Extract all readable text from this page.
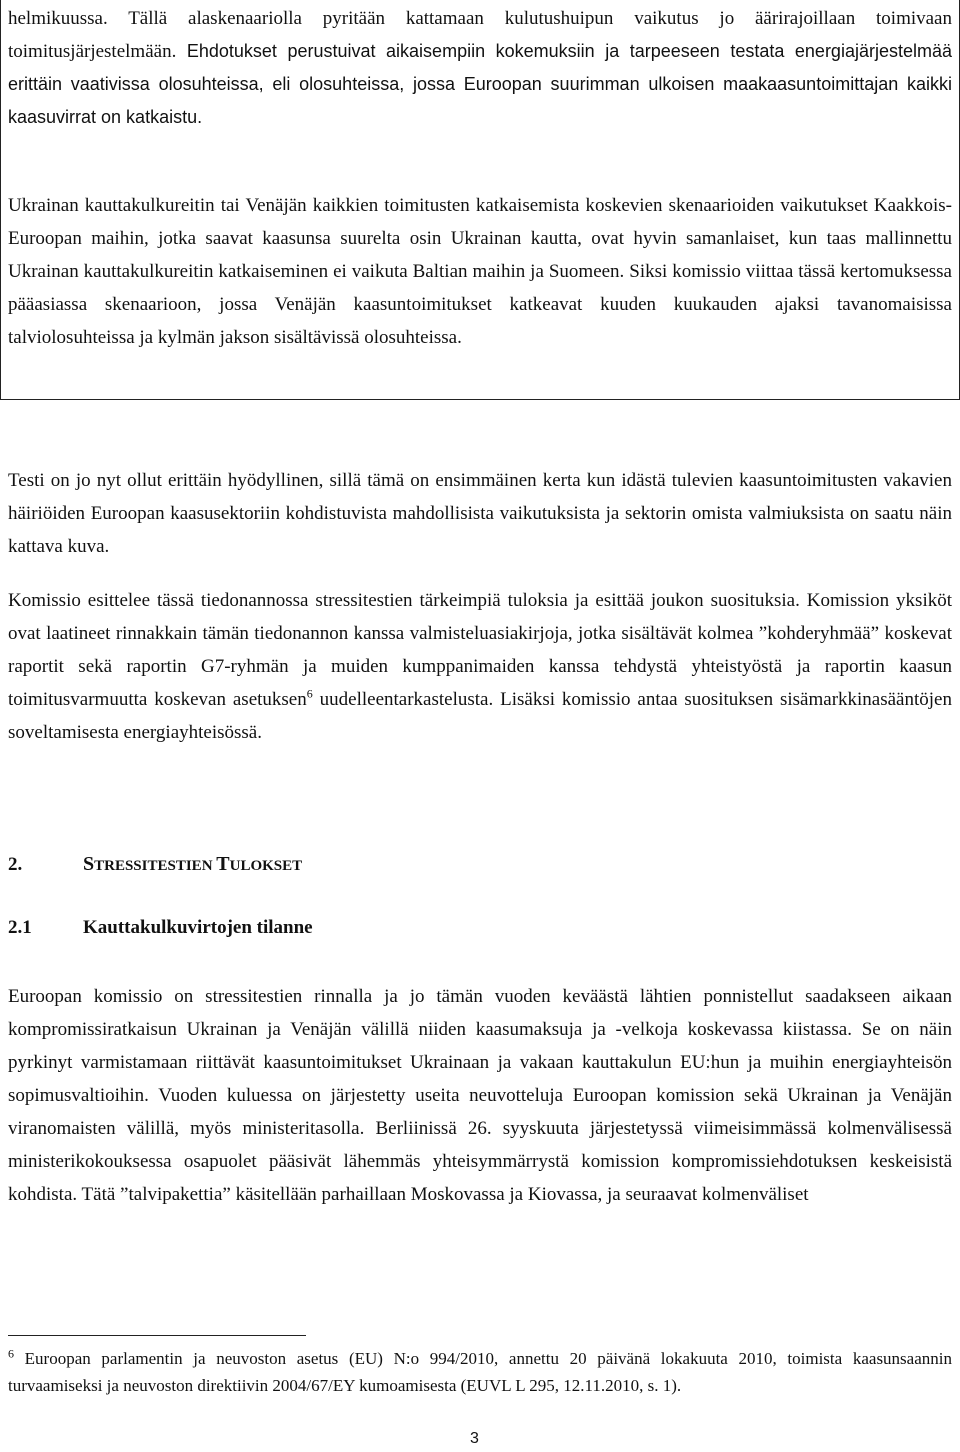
helmikuussa. Tällä alaskenaariolla pyritään kattamaan kulutushuipun vaikutus jo äärirajoillaan toimivaan toimitusjärjestelmään. Ehdotukset perustuivat aikaisempiin kokemuksiin ja tarpeeseen testata energiajärjestelmää erittäin vaativissa olosuhteissa, eli olosuhteissa, jossa Euroopan suurimman ulkoisen maakaasuntoimittajan kaikki kaasuvirrat on katkaistu.

Ukrainan kauttakulkureitin tai Venäjän kaikkien toimitusten katkaisemista koskevien skenaarioiden vaikutukset Kaakkois-Euroopan maihin, jotka saavat kaasunsa suurelta osin Ukrainan kautta, ovat hyvin samanlaiset, kun taas mallinnettu Ukrainan kauttakulkureitin katkaiseminen ei vaikuta Baltian maihin ja Suomeen. Siksi komissio viittaa tässä kertomuksessa pääasiassa skenaarioon, jossa Venäjän kaasuntoimitukset katkeavat kuuden kuukauden ajaksi tavanomaisissa talviolosuhteissa ja kylmän jakson sisältävissä olosuhteissa.

Testi on jo nyt ollut erittäin hyödyllinen, sillä tämä on ensimmäinen kerta kun idästä tulevien kaasuntoimitusten vakavien häiriöiden Euroopan kaasusektoriin kohdistuvista mahdollisista vaikutuksista ja sektorin omista valmiuksista on saatu näin kattava kuva.

Komissio esittelee tässä tiedonannossa stressitestien tärkeimpiä tuloksia ja esittää joukon suosituksia. Komission yksiköt ovat laatineet rinnakkain tämän tiedonannon kanssa valmisteluasiakirjoja, jotka sisältävät kolmea ”kohderyhmää” koskevat raportit sekä raportin G7-ryhmän ja muiden kumppanimaiden kanssa tehdystä yhteistyöstä ja raportin kaasun toimitusvarmuutta koskevan asetuksen$^6$ uudelleentarkastelusta. Lisäksi komissio antaa suosituksen sisämarkkinasääntöjen soveltamisesta energiayhteisössä.

2.	STRESSITESTIEN TULOKSET
2.1	Kauttakulkuvirtojen tilanne

Euroopan komissio on stressitestien rinnalla ja jo tämän vuoden keväästä lähtien ponnistellut saadakseen aikaan kompromissiratkaisun Ukrainan ja Venäjän välillä niiden kaasumaksuja ja -velkoja koskevassa kiistassa. Se on näin pyrkinyt varmistamaan riittävät kaasuntoimitukset Ukrainaan ja vakaan kauttakulun EU:hun ja muihin energiayhteisön sopimusvaltioihin. Vuoden kuluessa on järjestetty useita neuvotteluja Euroopan komission sekä Ukrainan ja Venäjän viranomaisten välillä, myös ministeritasolla. Berliinissä 26. syyskuuta järjestetyssä viimeisimmässä kolmenvälisessä ministerikokouksessa osapuolet pääsivät lähemmäs yhteisymmärrystä komission kompromissiehdotuksen keskeisistä kohdista. Tätä ”talvipakettia” käsitellään parhaillaan Moskovassa ja Kiovassa, ja seuraavat kolmenväliset

$^6$ Euroopan parlamentin ja neuvoston asetus (EU) N:o 994/2010, annettu 20 päivänä lokakuuta 2010, toimista kaasunsaannin turvaamiseksi ja neuvoston direktiivin 2004/67/EY kumoamisesta (EUVL L 295, 12.11.2010, s. 1).

3
